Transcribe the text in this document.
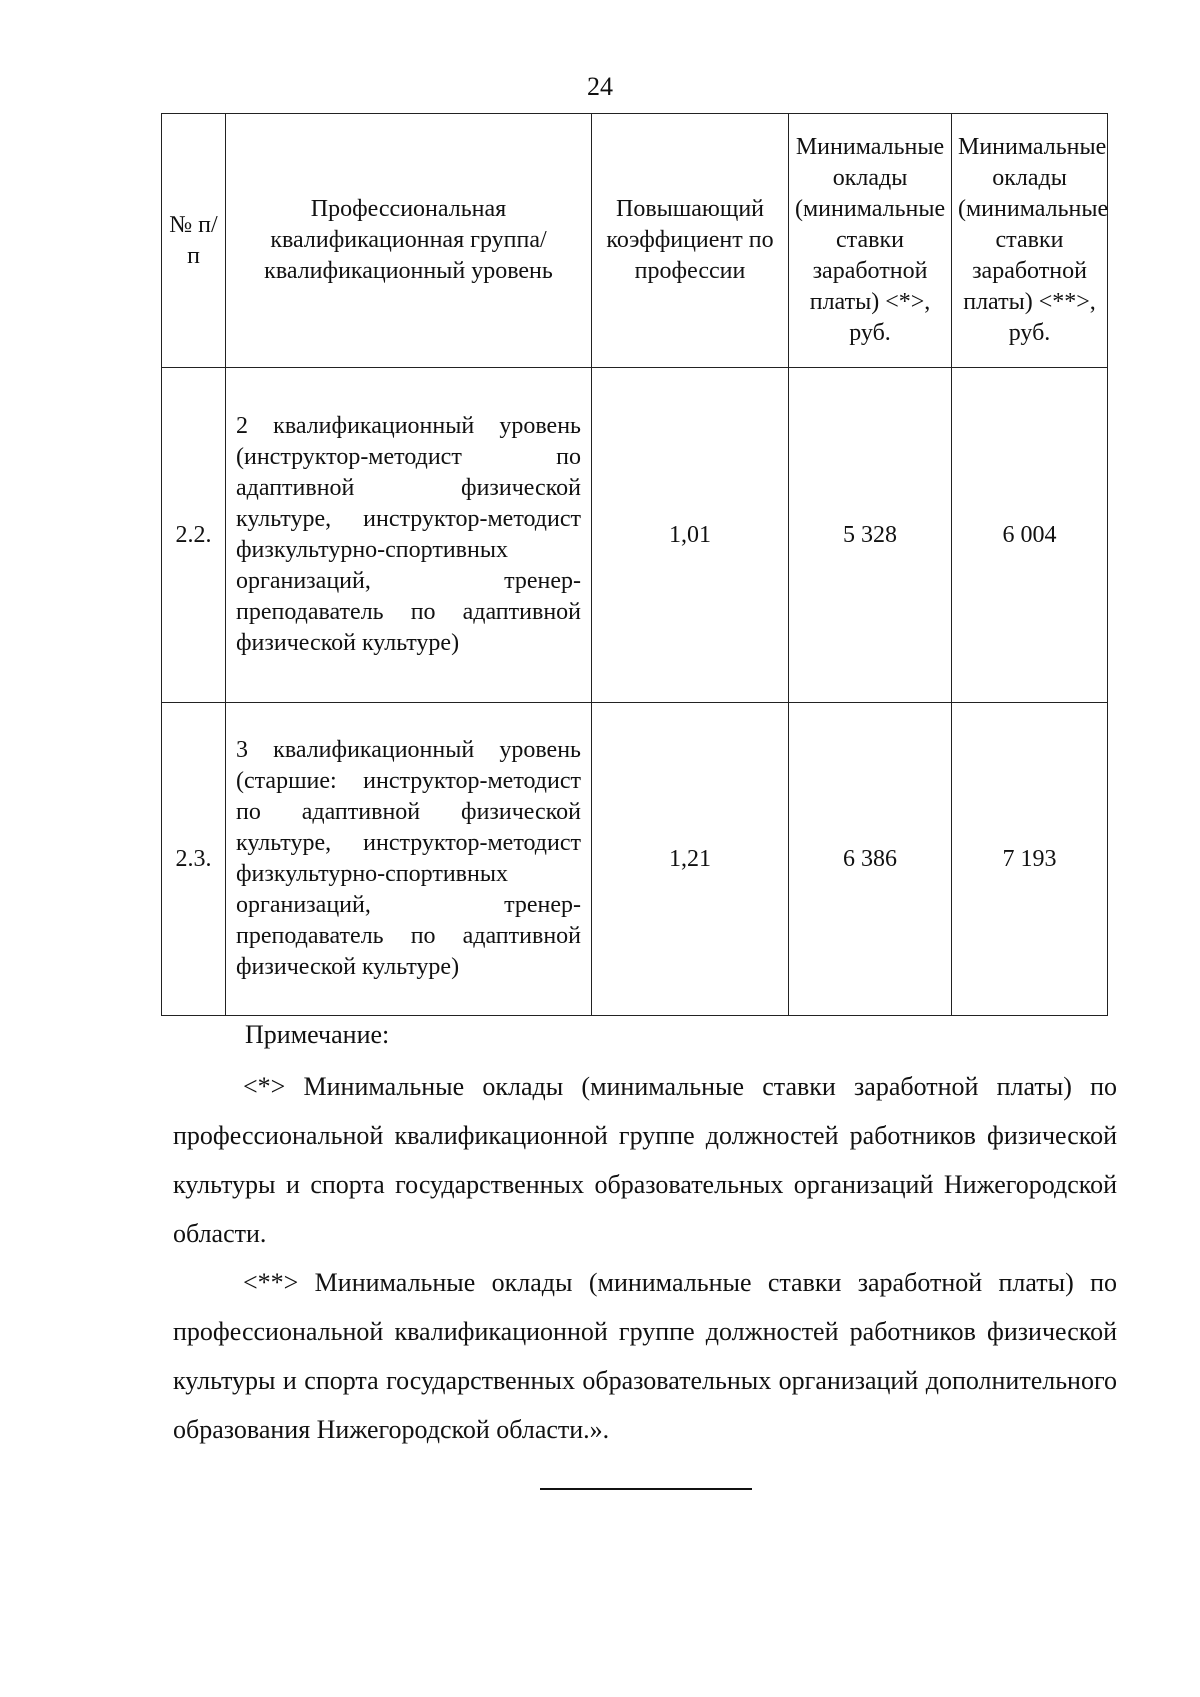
24
№ п/п	Профессиональная квалификационная группа/квалификационный уровень	Повышающий коэффициент по профессии	Минимальные оклады (минимальные ставки заработной платы) <*>, руб.	Минимальные оклады (минимальные ставки заработной платы) <**>, руб.
2.2.	2 квалификационный уровень (инструктор-методист по адаптивной физической культуре, инструктор-методист физкультурно-спортивных организаций, тренер-преподаватель по адаптивной физической культуре)	1,01	5 328	6 004
2.3.	3 квалификационный уровень (старшие: инструктор-методист по адаптивной физической культуре, инструктор-методист физкультурно-спортивных организаций, тренер-преподаватель по адаптивной физической культуре)	1,21	6 386	7 193
Примечание:

<*> Минимальные оклады (минимальные ставки заработной платы) по профессиональной квалификационной группе должностей работников физической культуры и спорта государственных образовательных организаций Нижегородской области.

<**> Минимальные оклады (минимальные ставки заработной платы) по профессиональной квалификационной группе должностей работников физической культуры и спорта государственных образовательных организаций дополнительного образования Нижегородской области.».
